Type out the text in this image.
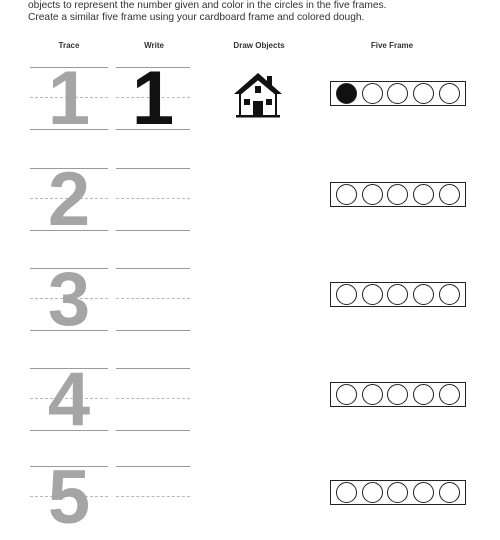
objects to represent the number given and color in the circles in the five frames.
Create a similar five frame using your cardboard frame and colored dough.
Trace	Write	Draw Objects	Five Frame
1 1
2
3
4
5
